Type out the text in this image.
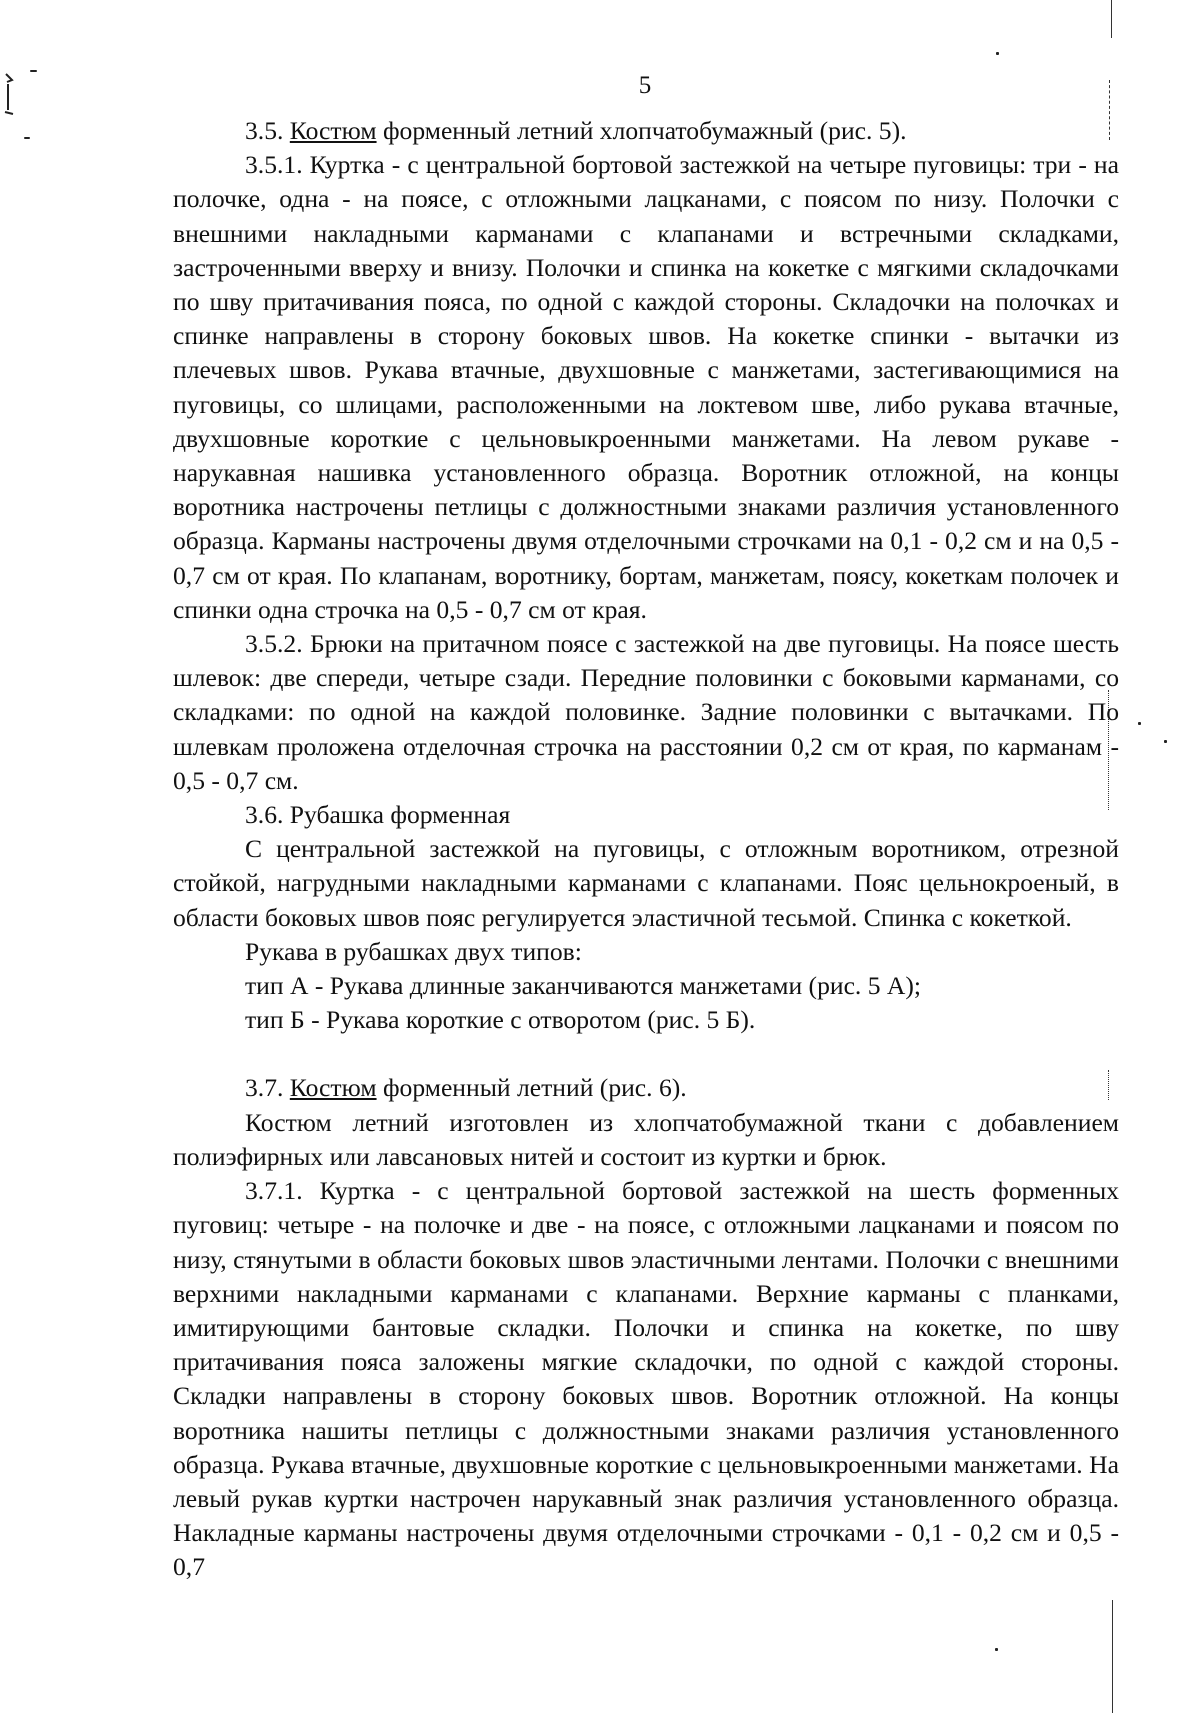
5

3.5. Костюм форменный летний хлопчатобумажный (рис. 5).

3.5.1. Куртка - с центральной бортовой застежкой на четыре пуговицы: три - на полочке, одна - на поясе, с отложными лацканами, с поясом по низу. Полочки с внешними накладными карманами с клапанами и встречными складками, застроченными вверху и внизу. Полочки и спинка на кокетке с мягкими складочками по шву притачивания пояса, по одной с каждой стороны. Складочки на полочках и спинке направлены в сторону боковых швов. На кокетке спинки - вытачки из плечевых швов. Рукава втачные, двухшовные с манжетами, застегивающимися на пуговицы, со шлицами, расположенными на локтевом шве, либо рукава втачные, двухшовные короткие с цельновыкроенными манжетами. На левом рукаве - нарукавная нашивка установленного образца. Воротник отложной, на концы воротника настрочены петлицы с должностными знаками различия установленного образца. Карманы настрочены двумя отделочными строчками на 0,1 - 0,2 см и на 0,5 - 0,7 см от края. По клапанам, воротнику, бортам, манжетам, поясу, кокеткам полочек и спинки одна строчка на 0,5 - 0,7 см от края.

3.5.2. Брюки на притачном поясе с застежкой на две пуговицы. На поясе шесть шлевок: две спереди, четыре сзади. Передние половинки с боковыми карманами, со складками: по одной на каждой половинке. Задние половинки с вытачками. По шлевкам проложена отделочная строчка на расстоянии 0,2 см от края, по карманам - 0,5 - 0,7 см.

3.6. Рубашка форменная

С центральной застежкой на пуговицы, с отложным воротником, отрезной стойкой, нагрудными накладными карманами с клапанами. Пояс цельнокроеный, в области боковых швов пояс регулируется эластичной тесьмой. Спинка с кокеткой.

Рукава в рубашках двух типов:

тип А - Рукава длинные заканчиваются манжетами (рис. 5 А);

тип Б - Рукава короткие с отворотом (рис. 5 Б).

3.7. Костюм форменный летний (рис. 6).

Костюм летний изготовлен из хлопчатобумажной ткани с добавлением полиэфирных или лавсановых нитей и состоит из куртки и брюк.

3.7.1. Куртка - с центральной бортовой застежкой на шесть форменных пуговиц: четыре - на полочке и две - на поясе, с отложными лацканами и поясом по низу, стянутыми в области боковых швов эластичными лентами. Полочки с внешними верхними накладными карманами с клапанами. Верхние карманы с планками, имитирующими бантовые складки. Полочки и спинка на кокетке, по шву притачивания пояса заложены мягкие складочки, по одной с каждой стороны. Складки направлены в сторону боковых швов. Воротник отложной. На концы воротника нашиты петлицы с должностными знаками различия установленного образца. Рукава втачные, двухшовные короткие с цельновыкроенными манжетами. На левый рукав куртки настрочен нарукавный знак различия установленного образца. Накладные карманы настрочены двумя отделочными строчками - 0,1 - 0,2 см и 0,5 - 0,7
